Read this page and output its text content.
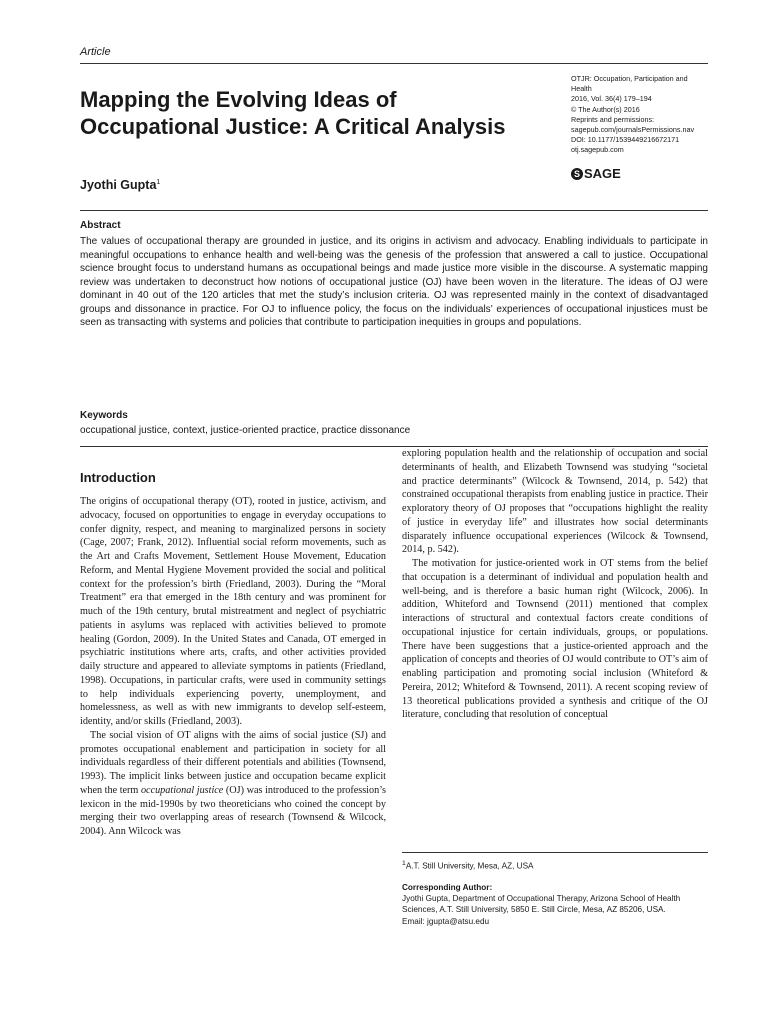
Article
Mapping the Evolving Ideas of Occupational Justice: A Critical Analysis
OTJR: Occupation, Participation and
Health
2016, Vol. 36(4) 179–194
© The Author(s) 2016
Reprints and permissions:
sagepub.com/journalsPermissions.nav
DOI: 10.1177/1539449216672171
otj.sagepub.com
S SAGE
Jyothi Gupta$^1$
Abstract

The values of occupational therapy are grounded in justice, and its origins in activism and advocacy. Enabling individuals to participate in meaningful occupations to enhance health and well-being was the genesis of the profession that answered a call to justice. Occupational science brought focus to understand humans as occupational beings and made justice more visible in the discourse. A systematic mapping review was undertaken to deconstruct how notions of occupational justice (OJ) have been woven in the literature. The ideas of OJ were dominant in 40 out of the 120 articles that met the study’s inclusion criteria. OJ was represented mainly in the context of disadvantaged groups and dissonance in practice. For OJ to influence policy, the focus on the individuals’ experiences of occupational injustices must be seen as transacting with systems and policies that contribute to participation inequities in groups and populations.

Keywords
occupational justice, context, justice-oriented practice, practice dissonance
Introduction

The origins of occupational therapy (OT), rooted in justice, activism, and advocacy, focused on opportunities to engage in everyday occupations to confer dignity, respect, and meaning to marginalized persons in society (Cage, 2007; Frank, 2012). Influential social reform movements, such as the Art and Crafts Movement, Settlement House Movement, Education Reform, and Mental Hygiene Movement provided the social and political context for the profession’s birth (Friedland, 2003). During the “Moral Treatment” era that emerged in the 18th century and was prominent for much of the 19th century, brutal mistreatment and neglect of psychiatric patients in asylums was replaced with activities believed to promote healing (Gordon, 2009). In the United States and Canada, OT emerged in psychiatric institutions where arts, crafts, and other activities provided daily structure and appeared to alleviate symptoms in patients (Friedland, 1998). Occupations, in particular crafts, were used in community settings to help individuals experiencing poverty, unemployment, and homelessness, as well as with new immigrants to develop self-esteem, identity, and/or skills (Friedland, 2003).

The social vision of OT aligns with the aims of social justice (SJ) and promotes occupational enablement and participation in society for all individuals regardless of their different potentials and abilities (Townsend, 1993). The implicit links between justice and occupation became explicit when the term occupational justice (OJ) was introduced to the profession’s lexicon in the mid-1990s by two theoreticians who coined the concept by merging their two overlapping areas of research (Townsend & Wilcock, 2004). Ann Wilcock was

exploring population health and the relationship of occupation and social determinants of health, and Elizabeth Townsend was studying “societal and practice determinants” (Wilcock & Townsend, 2014, p. 542) that constrained occupational therapists from enabling justice in practice. Their exploratory theory of OJ proposes that “occupations highlight the reality of justice in everyday life” and illustrates how social determinants disparately influence occupational experiences (Wilcock & Townsend, 2014, p. 542).

The motivation for justice-oriented work in OT stems from the belief that occupation is a determinant of individual and population health and well-being, and is therefore a basic human right (Wilcock, 2006). In addition, Whiteford and Townsend (2011) mentioned that complex interactions of structural and contextual factors create conditions of occupational injustice for certain individuals, groups, or populations. There have been suggestions that a justice-oriented approach and the application of concepts and theories of OJ would contribute to OT’s aim of enabling participation and promoting social inclusion (Whiteford & Pereira, 2012; Whiteford & Townsend, 2011). A recent scoping review of 13 theoretical publications provided a synthesis and critique of the OJ literature, concluding that resolution of conceptual

$^1$A.T. Still University, Mesa, AZ, USA
Corresponding Author:
Jyothi Gupta, Department of Occupational Therapy, Arizona School of Health Sciences, A.T. Still University, 5850 E. Still Circle, Mesa, AZ 85206, USA.
Email: jgupta@atsu.edu
